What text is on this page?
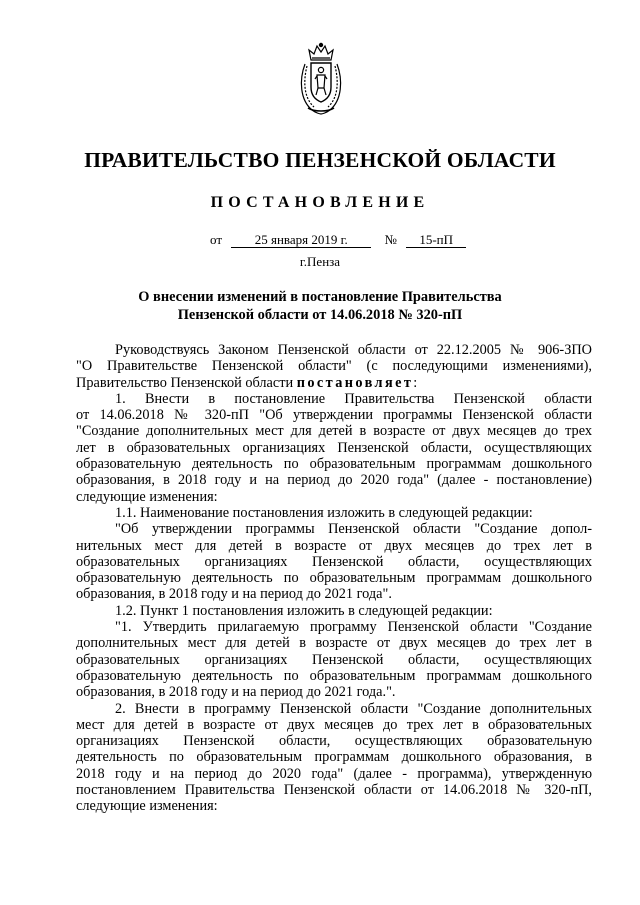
ПРАВИТЕЛЬСТВО ПЕНЗЕНСКОЙ ОБЛАСТИ
ПОСТАНОВЛЕНИЕ
от	25 января 2019 г.	№ 15-пП
г.Пенза
О внесении изменений в постановление Правительства
Пензенской области от 14.06.2018 № 320-пП
Руководствуясь Законом Пензенской области от 22.12.2005 № 906-ЗПО
"О Правительстве Пензенской области" (с последующими изменениями),
Правительство Пензенской области постановляет:
1. Внести в постановление Правительства Пензенской области
от 14.06.2018 № 320-пП "Об утверждении программы Пензенской области
"Создание дополнительных мест для детей в возрасте от двух месяцев до трех
лет в образовательных организациях Пензенской области, осуществляющих
образовательную деятельность по образовательным программам дошкольного
образования, в 2018 году и на период до 2020 года" (далее - постановление)
следующие изменения:
1.1. Наименование постановления изложить в следующей редакции:
"Об утверждении программы Пензенской области "Создание допол-
нительных мест для детей в возрасте от двух месяцев до трех лет в
образовательных организациях Пензенской области, осуществляющих
образовательную деятельность по образовательным программам дошкольного
образования, в 2018 году и на период до 2021 года".
1.2. Пункт 1 постановления изложить в следующей редакции:
"1. Утвердить прилагаемую программу Пензенской области "Создание
дополнительных мест для детей в возрасте от двух месяцев до трех лет в
образовательных организациях Пензенской области, осуществляющих
образовательную деятельность по образовательным программам дошкольного
образования, в 2018 году и на период до 2021 года.".
2. Внести в программу Пензенской области "Создание дополнительных
мест для детей в возрасте от двух месяцев до трех лет в образовательных
организациях Пензенской области, осуществляющих образовательную
деятельность по образовательным программам дошкольного образования, в
2018 году и на период до 2020 года" (далее - программа), утвержденную
постановлением Правительства Пензенской области от 14.06.2018 № 320-пП,
следующие изменения:
